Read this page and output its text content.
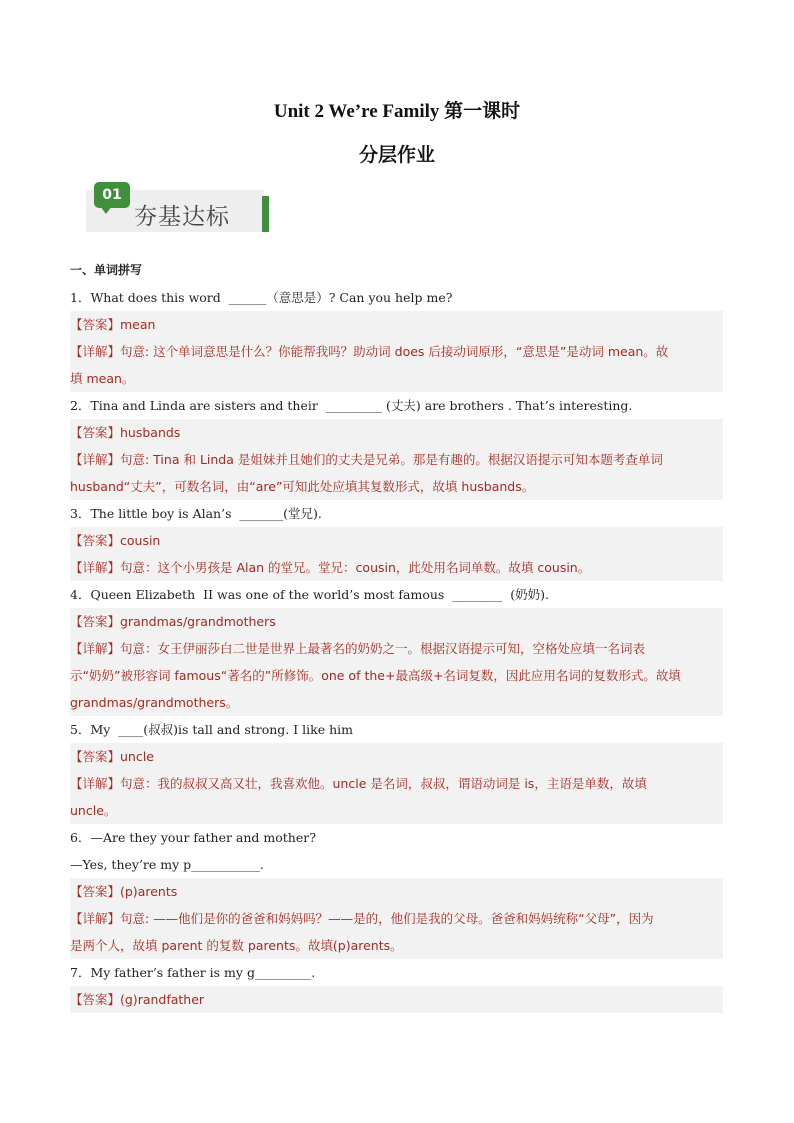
Unit 2 We’re Family 第一课时
分层作业
01
夯基达标
一、单词拼写
1．What does this word  ______（意思是）? Can you help me?
【答案】mean
【详解】句意: 这个单词意思是什么？你能帮我吗？助动词 does 后接动词原形，“意思是”是动词 mean。故
填 mean。
2．Tina and Linda are sisters and their  _________ (丈夫) are brothers . That’s interesting.
【答案】husbands
【详解】句意: Tina 和 Linda 是姐妹并且她们的丈夫是兄弟。那是有趣的。根据汉语提示可知本题考查单词
husband“丈夫”，可数名词，由“are”可知此处应填其复数形式，故填 husbands。
3．The little boy is Alan’s  _______(堂兄).
【答案】cousin
【详解】句意：这个小男孩是 Alan 的堂兄。堂兄：cousin，此处用名词单数。故填 cousin。
4．Queen Elizabeth  II was one of the world’s most famous  ________  (奶奶).
【答案】grandmas/grandmothers
【详解】句意：女王伊丽莎白二世是世界上最著名的奶奶之一。根据汉语提示可知，空格处应填一名词表
示“奶奶”被形容词 famous“著名的”所修饰。one of the+最高级+名词复数，因此应用名词的复数形式。故填
grandmas/grandmothers。
5．My  ____(叔叔)is tall and strong. I like him
【答案】uncle
【详解】句意：我的叔叔又高又壮，我喜欢他。uncle 是名词，叔叔，谓语动词是 is，主语是单数，故填
uncle。
6．—Are they your father and mother?
—Yes, they’re my p___________.
【答案】(p)arents
【详解】句意: ——他们是你的爸爸和妈妈吗？——是的，他们是我的父母。爸爸和妈妈统称“父母”，因为
是两个人，故填 parent 的复数 parents。故填(p)arents。
7．My father’s father is my g_________.
【答案】(g)randfather
